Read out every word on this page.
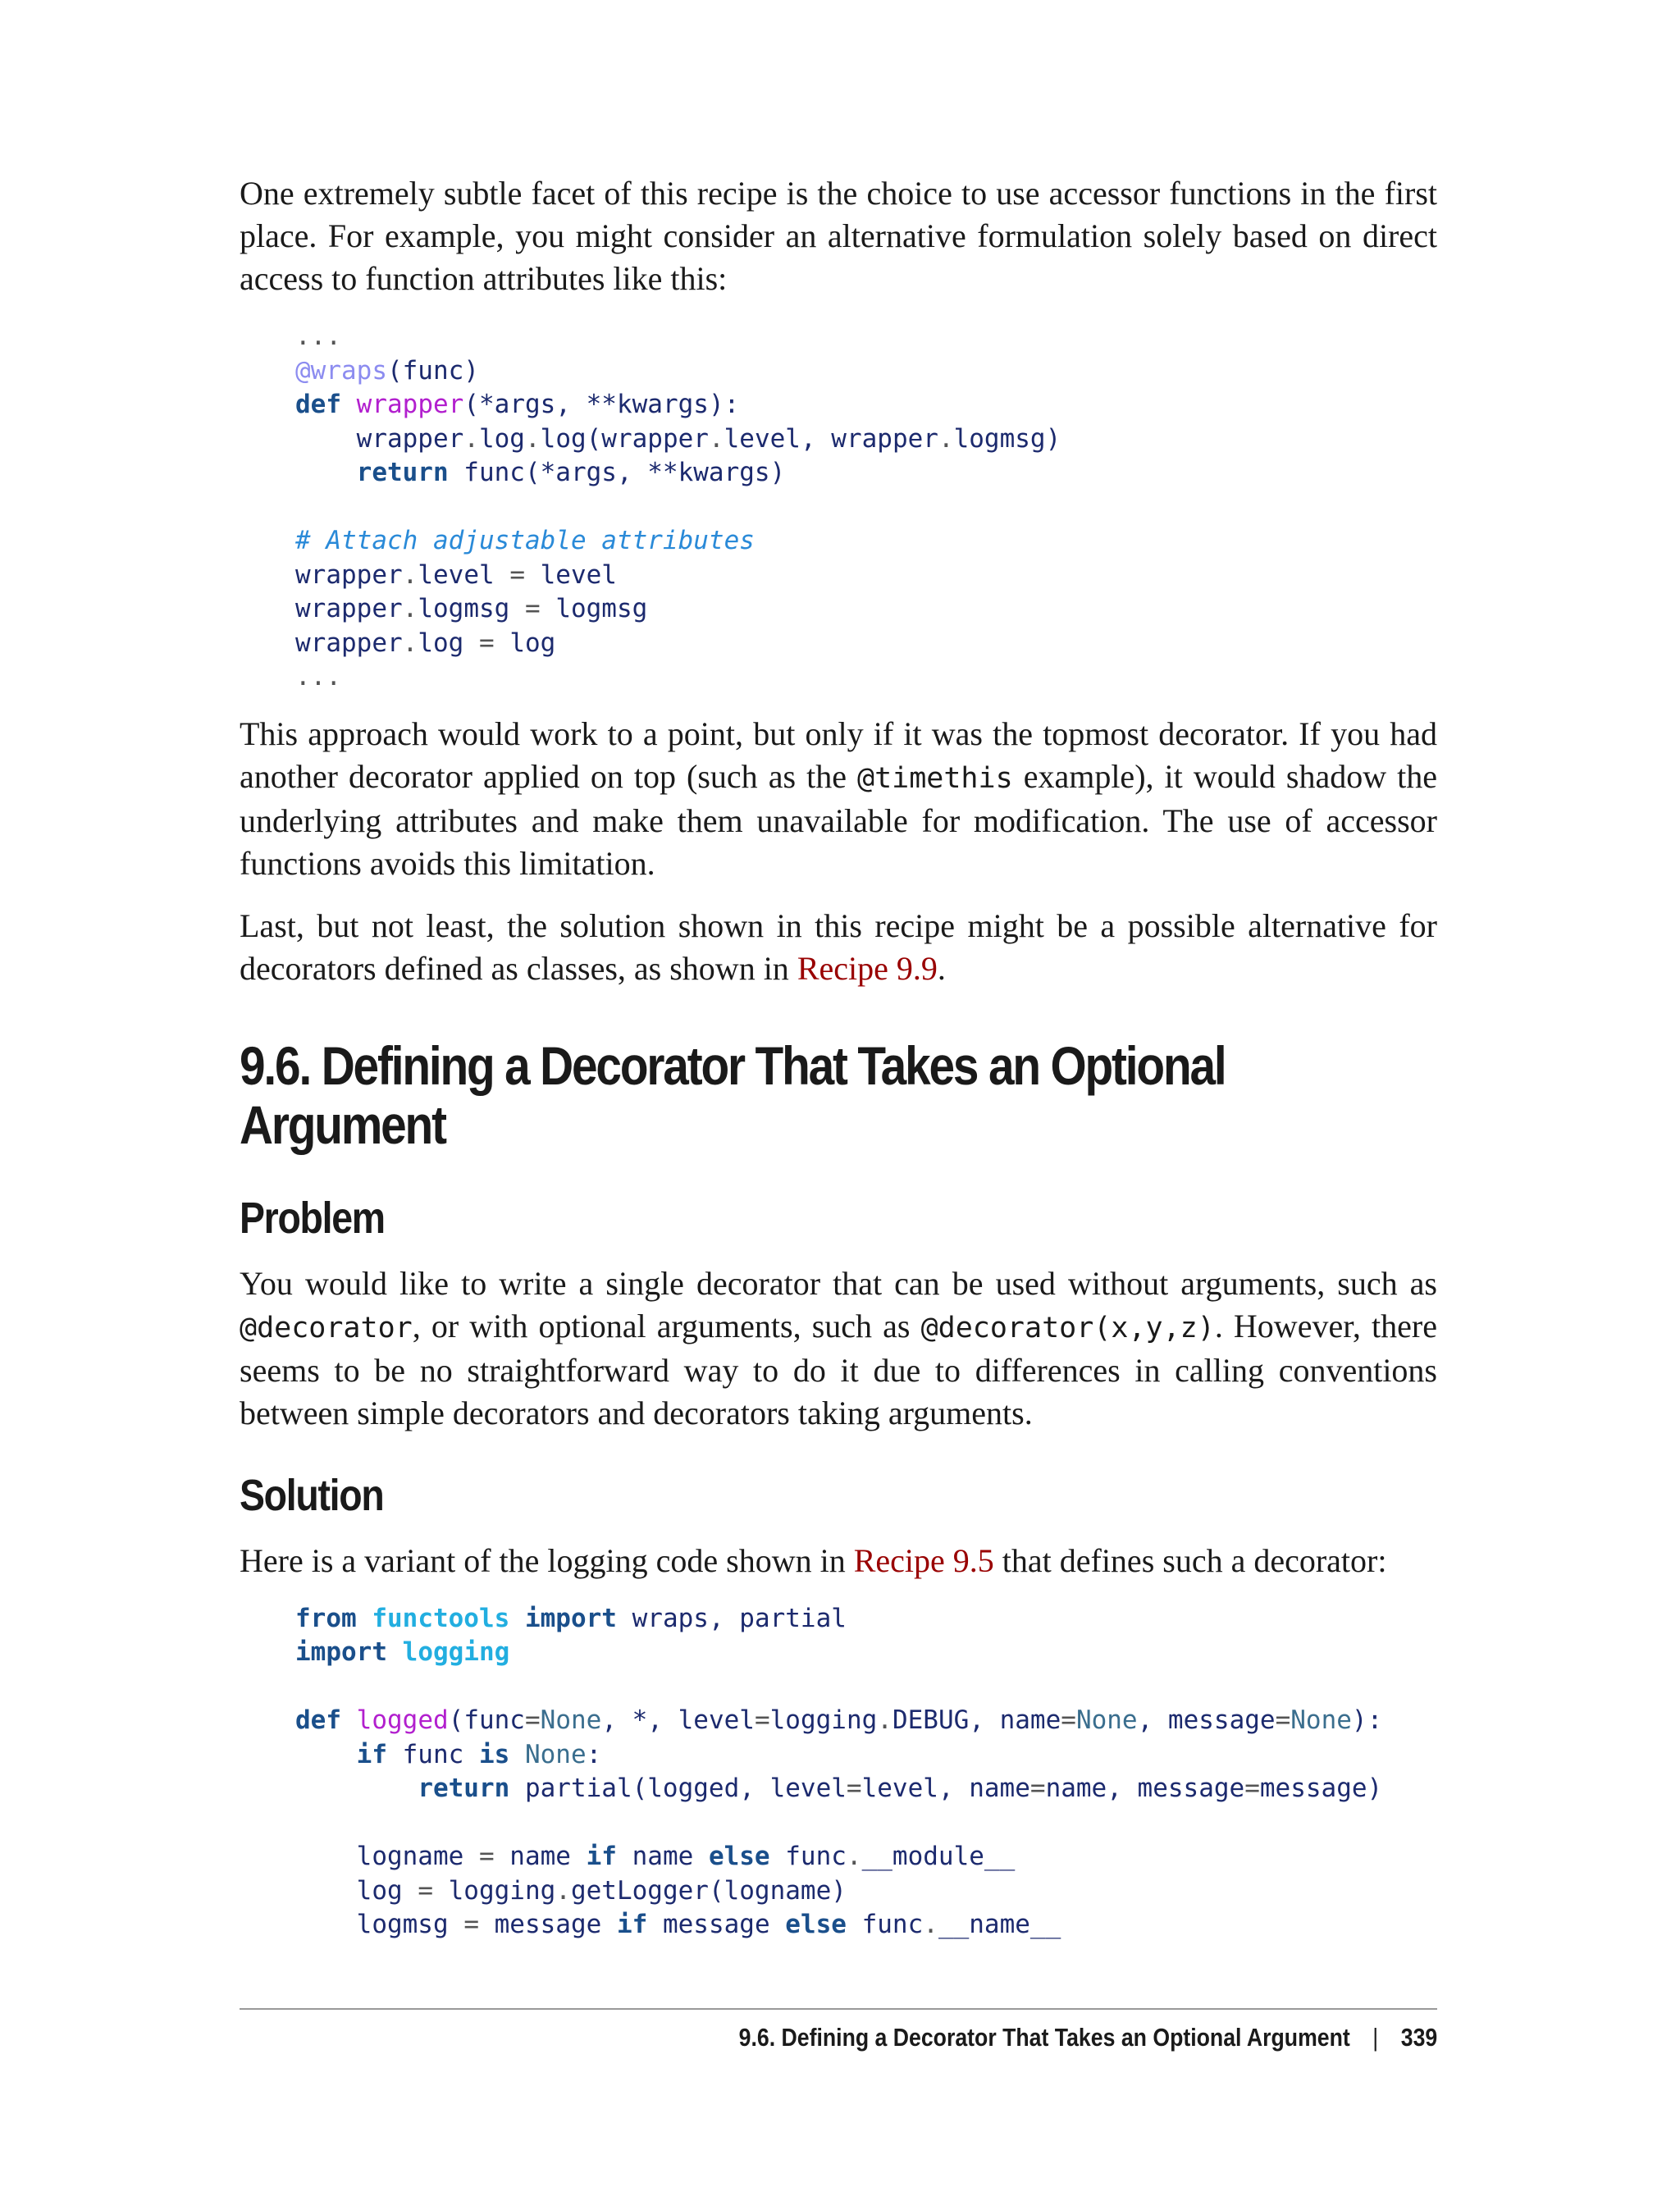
One extremely subtle facet of this recipe is the choice to use accessor functions in the first place. For example, you might consider an alternative formulation solely based on direct access to function attributes like this:

...
@wraps(func)
def wrapper(*args, **kwargs):
wrapper.log.log(wrapper.level, wrapper.logmsg)
return func(*args, **kwargs)

# Attach adjustable attributes
wrapper.level = level
wrapper.logmsg = logmsg
wrapper.log = log
...

This approach would work to a point, but only if it was the topmost decorator. If you had another decorator applied on top (such as the @timethis example), it would shadow the underlying attributes and make them unavailable for modification. The use of accessor functions avoids this limitation.

Last, but not least, the solution shown in this recipe might be a possible alternative for decorators defined as classes, as shown in Recipe 9.9.

9.6. Defining a Decorator That Takes an Optional Argument
Problem

You would like to write a single decorator that can be used without arguments, such as @decorator, or with optional arguments, such as @decorator(x,y,z). However, there seems to be no straightforward way to do it due to differences in calling conventions between simple decorators and decorators taking arguments.

Solution

Here is a variant of the logging code shown in Recipe 9.5 that defines such a decorator:

from functools import wraps, partial
import logging

def logged(func=None, *, level=logging.DEBUG, name=None, message=None):
if func is None:
return partial(logged, level=level, name=name, message=message)

logname = name if name else func.__module__
log = logging.getLogger(logname)
logmsg = message if message else func.__name__
9.6. Defining a Decorator That Takes an Optional Argument | 339
